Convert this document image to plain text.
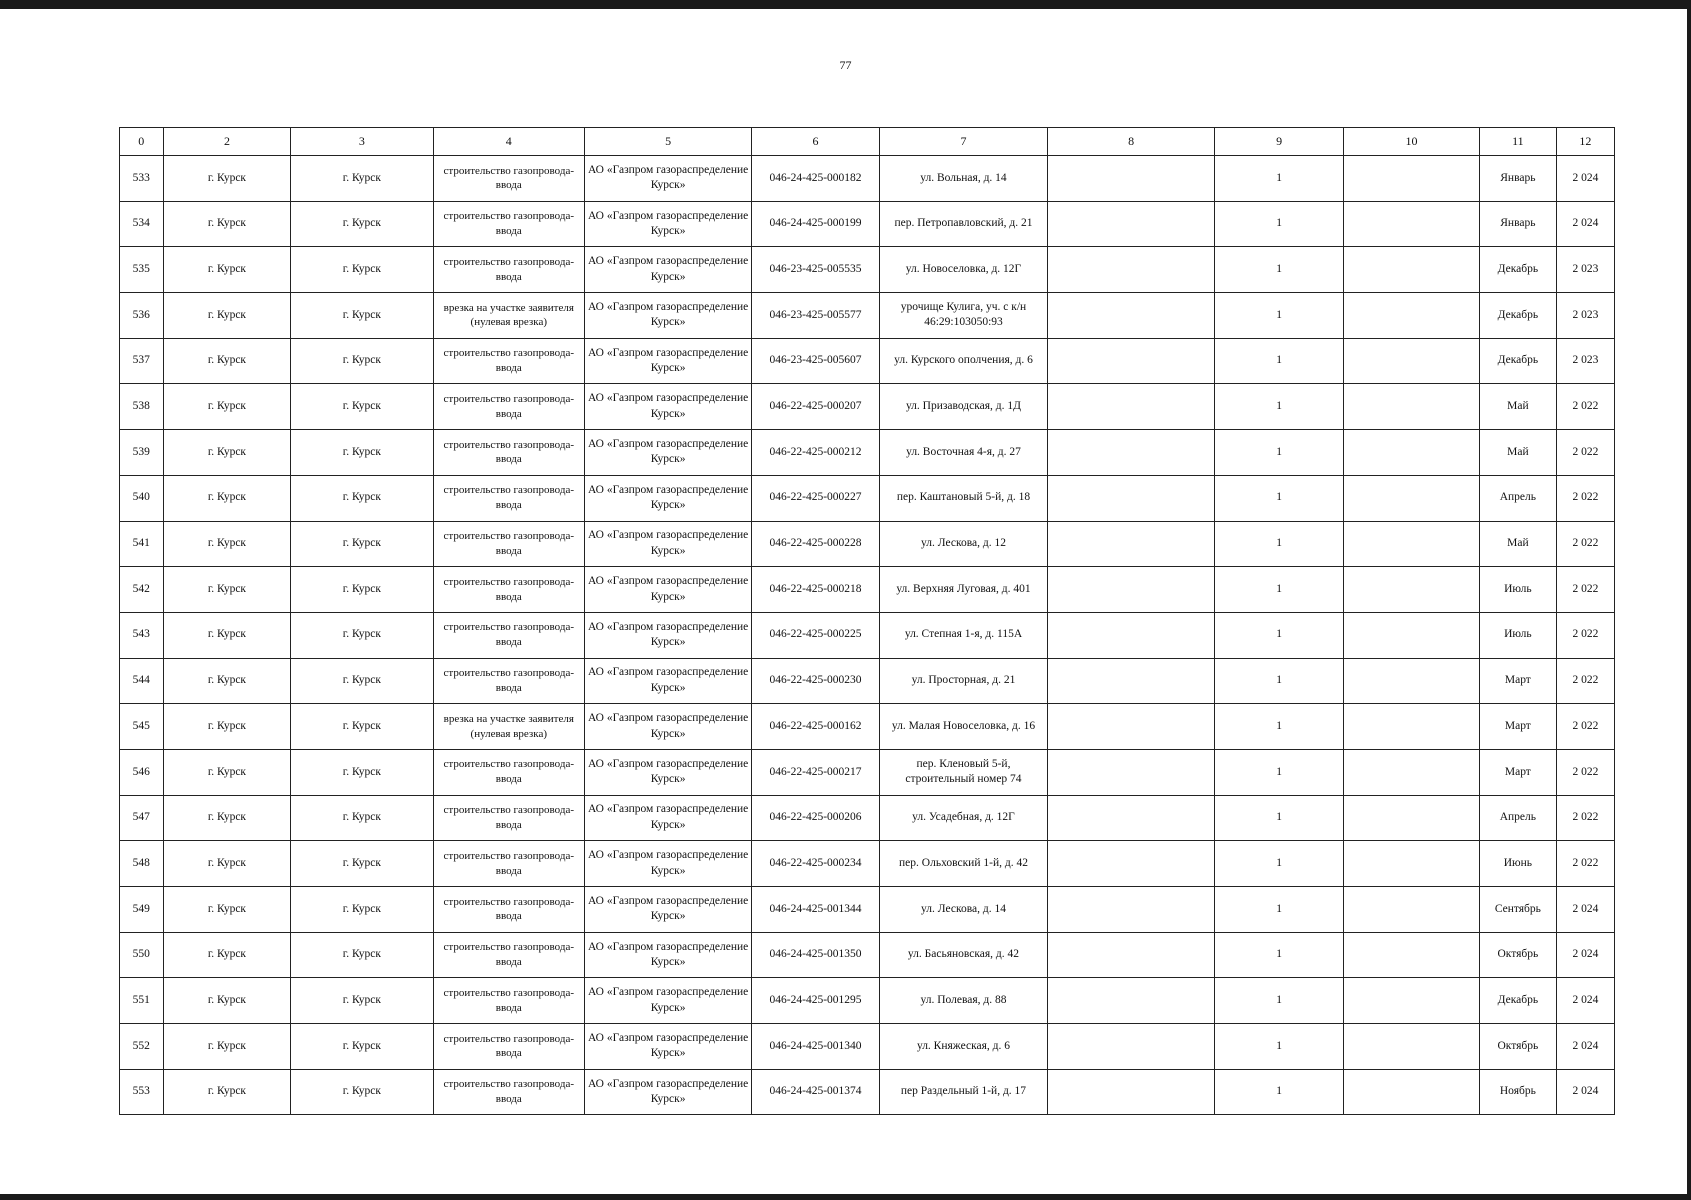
77
0	2	3	4	5	6	7	8	9	10	11	12
533	г. Курск	г. Курск	строительство газопровода-ввода	АО «Газпром газораспределение Курск»	046-24-425-000182	ул. Вольная, д. 14		1		Январь	2 024
534	г. Курск	г. Курск	строительство газопровода-ввода	АО «Газпром газораспределение Курск»	046-24-425-000199	пер. Петропавловский, д. 21		1		Январь	2 024
535	г. Курск	г. Курск	строительство газопровода-ввода	АО «Газпром газораспределение Курск»	046-23-425-005535	ул. Новоселовка, д. 12Г		1		Декабрь	2 023
536	г. Курск	г. Курск	врезка на участке заявителя (нулевая врезка)	АО «Газпром газораспределение Курск»	046-23-425-005577	урочище Кулига, уч. с к/н 46:29:103050:93		1		Декабрь	2 023
537	г. Курск	г. Курск	строительство газопровода-ввода	АО «Газпром газораспределение Курск»	046-23-425-005607	ул. Курского ополчения, д. 6		1		Декабрь	2 023
538	г. Курск	г. Курск	строительство газопровода-ввода	АО «Газпром газораспределение Курск»	046-22-425-000207	ул. Призаводская, д. 1Д		1		Май	2 022
539	г. Курск	г. Курск	строительство газопровода-ввода	АО «Газпром газораспределение Курск»	046-22-425-000212	ул. Восточная 4-я, д. 27		1		Май	2 022
540	г. Курск	г. Курск	строительство газопровода-ввода	АО «Газпром газораспределение Курск»	046-22-425-000227	пер. Каштановый 5-й, д. 18		1		Апрель	2 022
541	г. Курск	г. Курск	строительство газопровода-ввода	АО «Газпром газораспределение Курск»	046-22-425-000228	ул. Лескова, д. 12		1		Май	2 022
542	г. Курск	г. Курск	строительство газопровода-ввода	АО «Газпром газораспределение Курск»	046-22-425-000218	ул. Верхняя Луговая, д. 401		1		Июль	2 022
543	г. Курск	г. Курск	строительство газопровода-ввода	АО «Газпром газораспределение Курск»	046-22-425-000225	ул. Степная 1-я, д. 115А		1		Июль	2 022
544	г. Курск	г. Курск	строительство газопровода-ввода	АО «Газпром газораспределение Курск»	046-22-425-000230	ул. Просторная, д. 21		1		Март	2 022
545	г. Курск	г. Курск	врезка на участке заявителя (нулевая врезка)	АО «Газпром газораспределение Курск»	046-22-425-000162	ул. Малая Новоселовка, д. 16		1		Март	2 022
546	г. Курск	г. Курск	строительство газопровода-ввода	АО «Газпром газораспределение Курск»	046-22-425-000217	пер. Кленовый 5-й, строительный номер 74		1		Март	2 022
547	г. Курск	г. Курск	строительство газопровода-ввода	АО «Газпром газораспределение Курск»	046-22-425-000206	ул. Усадебная, д. 12Г		1		Апрель	2 022
548	г. Курск	г. Курск	строительство газопровода-ввода	АО «Газпром газораспределение Курск»	046-22-425-000234	пер. Ольховский 1-й, д. 42		1		Июнь	2 022
549	г. Курск	г. Курск	строительство газопровода-ввода	АО «Газпром газораспределение Курск»	046-24-425-001344	ул. Лескова, д. 14		1		Сентябрь	2 024
550	г. Курск	г. Курск	строительство газопровода-ввода	АО «Газпром газораспределение Курск»	046-24-425-001350	ул. Басьяновская, д. 42		1		Октябрь	2 024
551	г. Курск	г. Курск	строительство газопровода-ввода	АО «Газпром газораспределение Курск»	046-24-425-001295	ул. Полевая, д. 88		1		Декабрь	2 024
552	г. Курск	г. Курск	строительство газопровода-ввода	АО «Газпром газораспределение Курск»	046-24-425-001340	ул. Княжеская, д. 6		1		Октябрь	2 024
553	г. Курск	г. Курск	строительство газопровода-ввода	АО «Газпром газораспределение Курск»	046-24-425-001374	пер Раздельный 1-й, д. 17		1		Ноябрь	2 024
